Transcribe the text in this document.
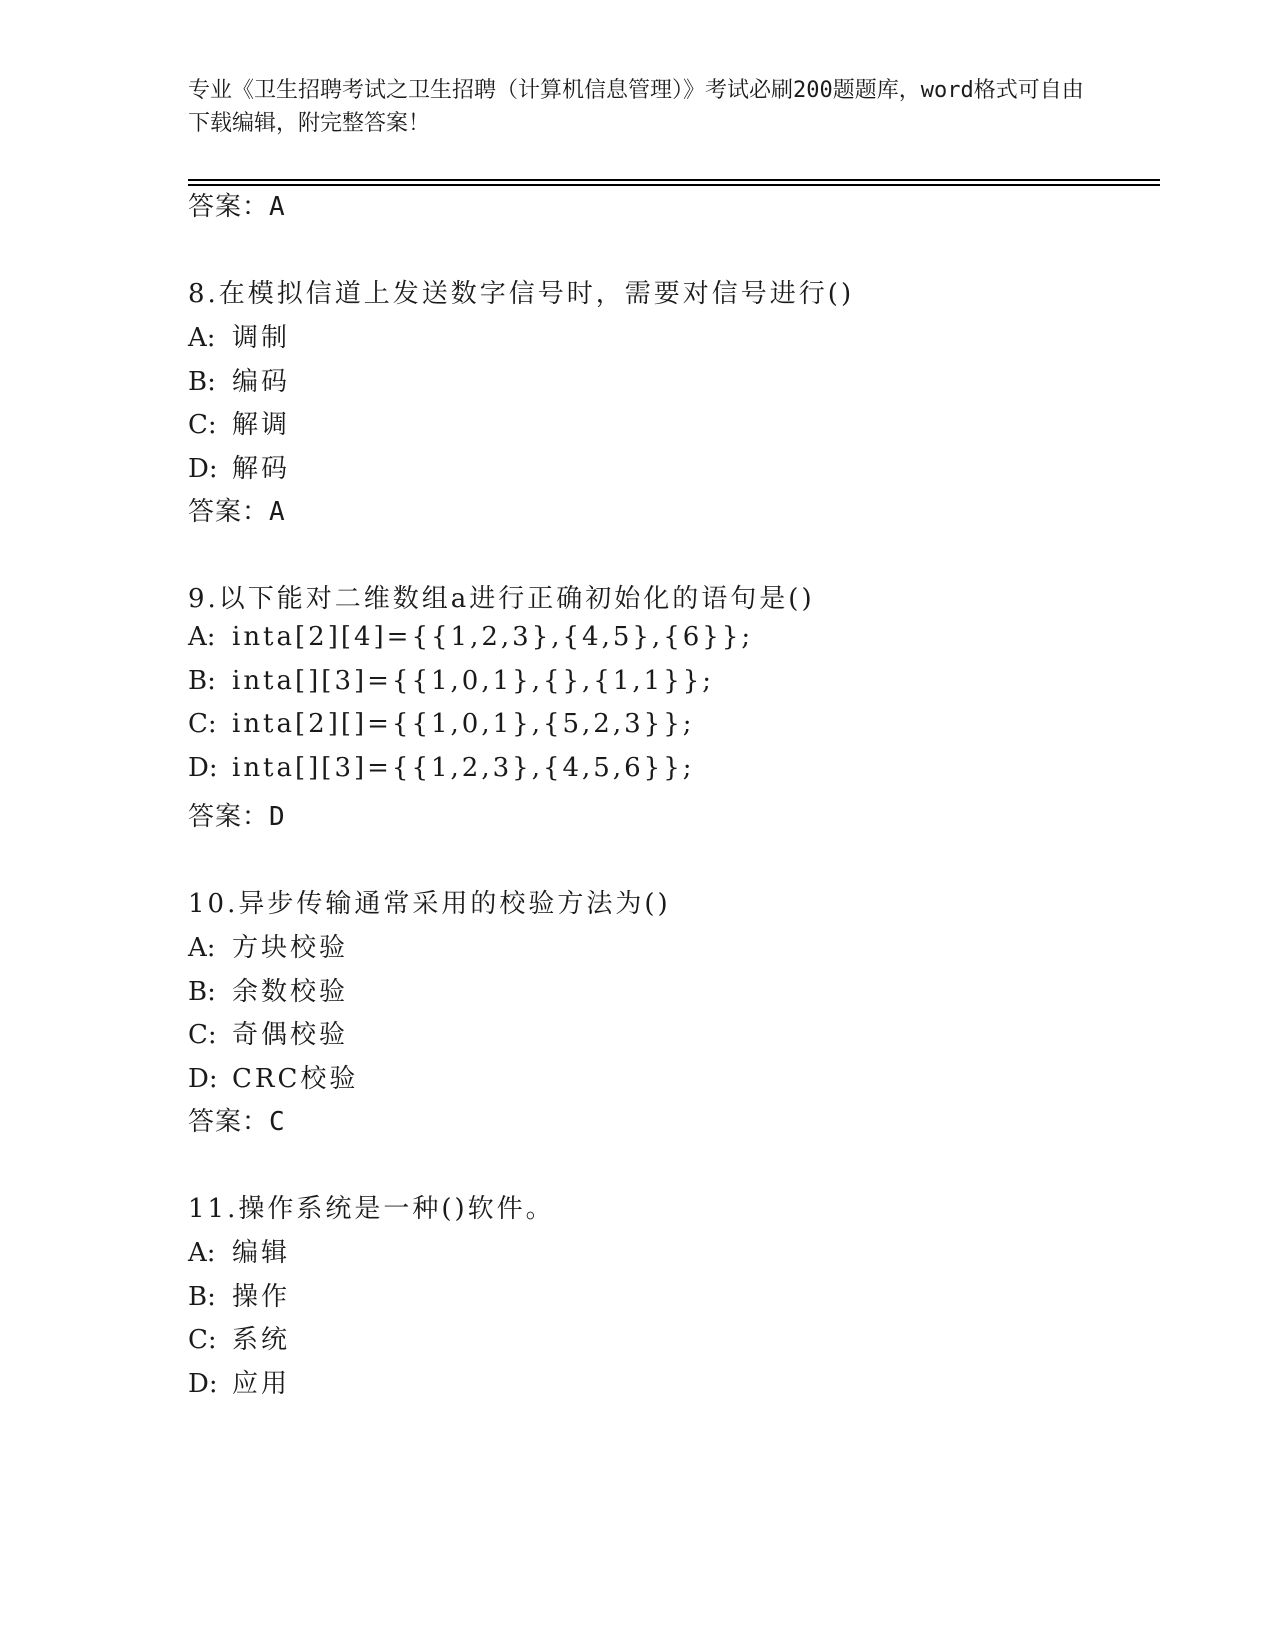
专业《卫生招聘考试之卫生招聘（计算机信息管理）》考试必刷200题题库，word格式可自由下载编辑，附完整答案！
答案：A
8.在模拟信道上发送数字信号时，需要对信号进行()
A: 调制
B: 编码
C: 解调
D: 解码
答案：A
9.以下能对二维数组a进行正确初始化的语句是()
A: inta[2][4]={{1,2,3},{4,5},{6}};
B: inta[][3]={{1,0,1},{},{1,1}};
C: inta[2][]={{1,0,1},{5,2,3}};
D: inta[][3]={{1,2,3},{4,5,6}};
答案：D
10.异步传输通常采用的校验方法为()
A: 方块校验
B: 余数校验
C: 奇偶校验
D: CRC校验
答案：C
11.操作系统是一种()软件。
A: 编辑
B: 操作
C: 系统
D: 应用
